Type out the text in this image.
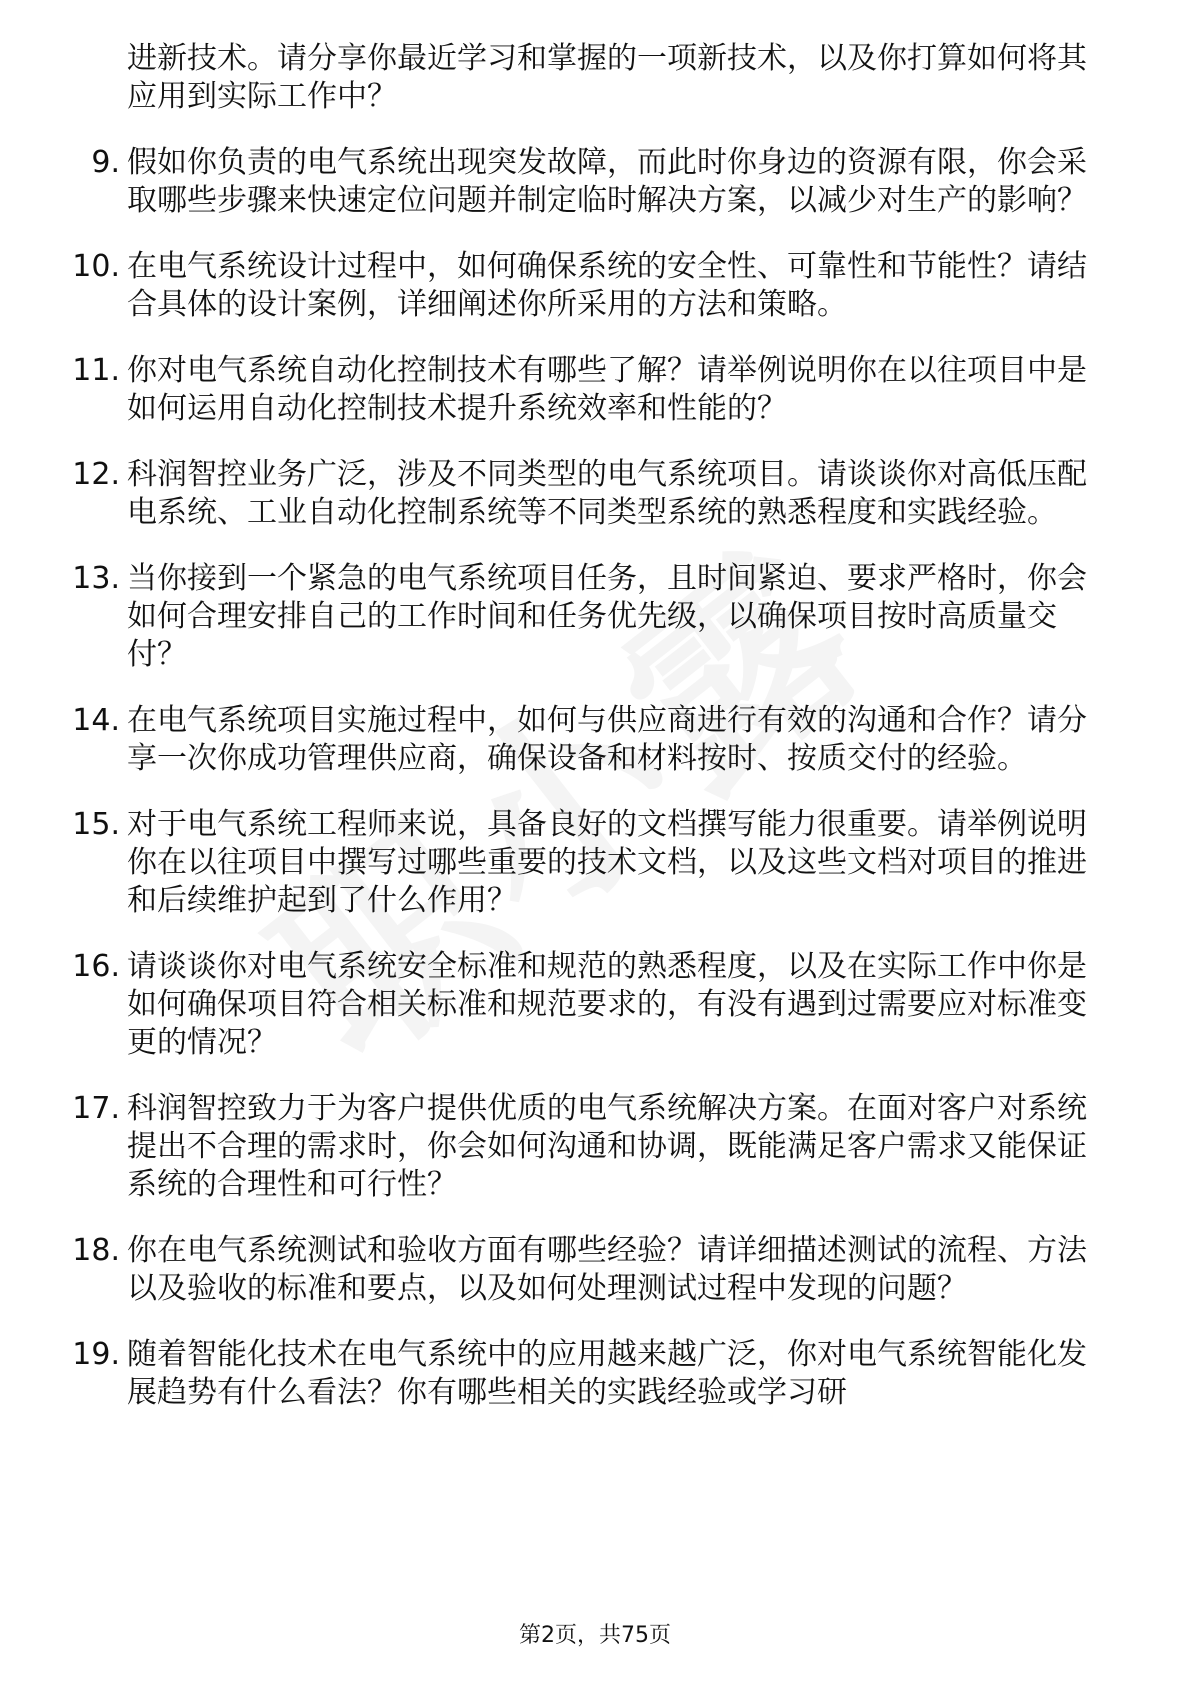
进新技术。请分享你最近学习和掌握的一项新技术，以及你打算如何将其应用到实际工作中？
9. 假如你负责的电气系统出现突发故障，而此时你身边的资源有限，你会采取哪些步骤来快速定位问题并制定临时解决方案，以减少对生产的影响？
10. 在电气系统设计过程中，如何确保系统的安全性、可靠性和节能性？请结合具体的设计案例，详细阐述你所采用的方法和策略。
11. 你对电气系统自动化控制技术有哪些了解？请举例说明你在以往项目中是如何运用自动化控制技术提升系统效率和性能的？
12. 科润智控业务广泛，涉及不同类型的电气系统项目。请谈谈你对高低压配电系统、工业自动化控制系统等不同类型系统的熟悉程度和实践经验。
13. 当你接到一个紧急的电气系统项目任务，且时间紧迫、要求严格时，你会如何合理安排自己的工作时间和任务优先级，以确保项目按时高质量交付？
14. 在电气系统项目实施过程中，如何与供应商进行有效的沟通和合作？请分享一次你成功管理供应商，确保设备和材料按时、按质交付的经验。
15. 对于电气系统工程师来说，具备良好的文档撰写能力很重要。请举例说明你在以往项目中撰写过哪些重要的技术文档，以及这些文档对项目的推进和后续维护起到了什么作用？
16. 请谈谈你对电气系统安全标准和规范的熟悉程度，以及在实际工作中你是如何确保项目符合相关标准和规范要求的，有没有遇到过需要应对标准变更的情况？
17. 科润智控致力于为客户提供优质的电气系统解决方案。在面对客户对系统提出不合理的需求时，你会如何沟通和协调，既能满足客户需求又能保证系统的合理性和可行性？
18. 你在电气系统测试和验收方面有哪些经验？请详细描述测试的流程、方法以及验收的标准和要点，以及如何处理测试过程中发现的问题？
19. 随着智能化技术在电气系统中的应用越来越广泛，你对电气系统智能化发展趋势有什么看法？你有哪些相关的实践经验或学习研
第2页，共75页
